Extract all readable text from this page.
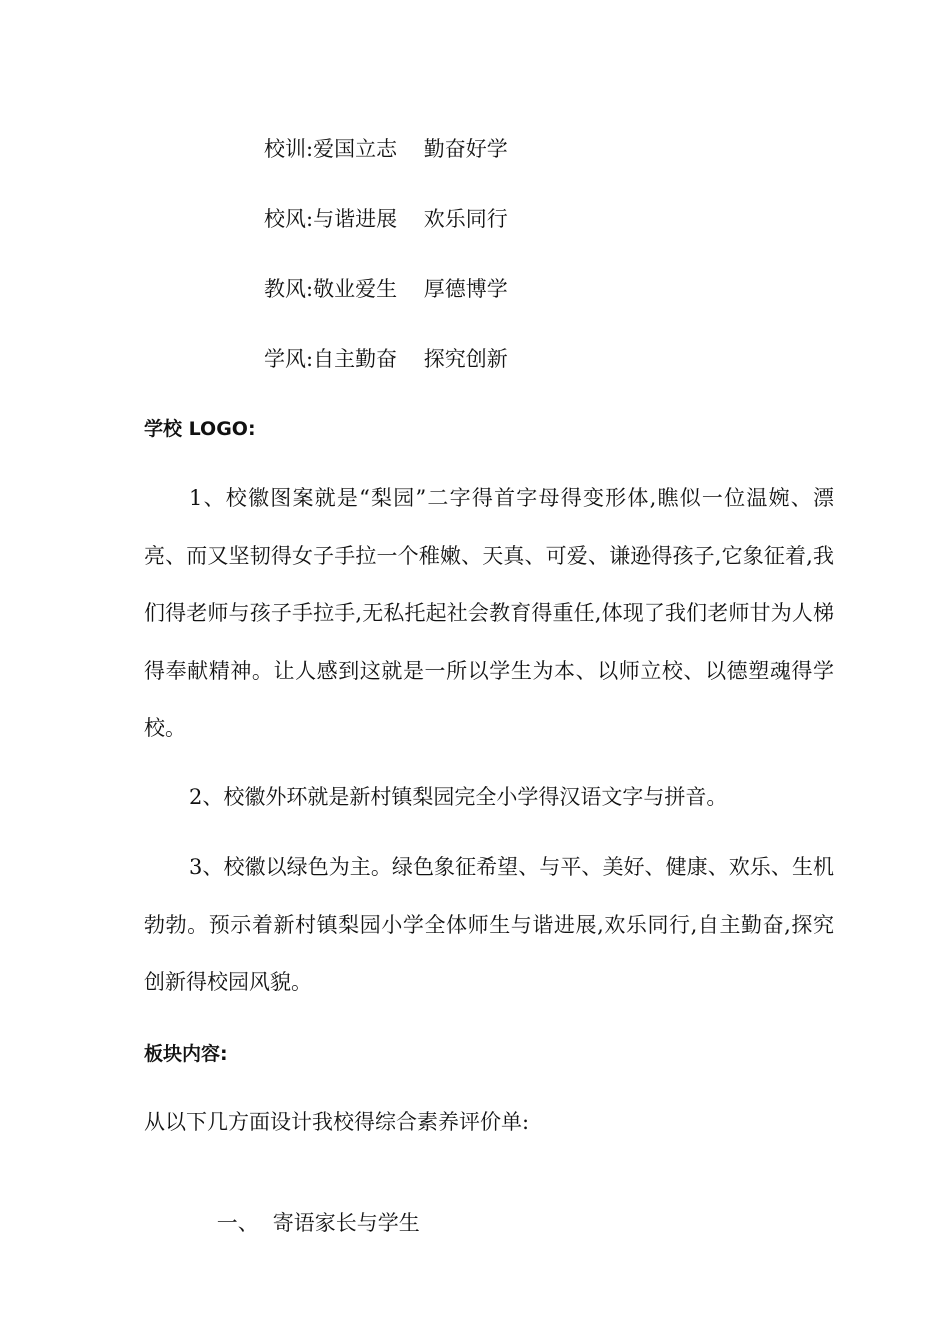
校训:爱国立志    勤奋好学
校风:与谐进展    欢乐同行
教风:敬业爱生    厚德博学
学风:自主勤奋    探究创新
学校 LOGO:

1、校徽图案就是“梨园”二字得首字母得变形体,瞧似一位温婉、漂亮、而又坚韧得女子手拉一个稚嫩、天真、可爱、谦逊得孩子,它象征着,我们得老师与孩子手拉手,无私托起社会教育得重任,体现了我们老师甘为人梯得奉献精神。让人感到这就是一所以学生为本、以师立校、以德塑魂得学校。

2、校徽外环就是新村镇梨园完全小学得汉语文字与拼音。

3、校徽以绿色为主。绿色象征希望、与平、美好、健康、欢乐、生机勃勃。预示着新村镇梨园小学全体师生与谐进展,欢乐同行,自主勤奋,探究创新得校园风貌。

板块内容:
从以下几方面设计我校得综合素养评价单:

一、 寄语家长与学生
